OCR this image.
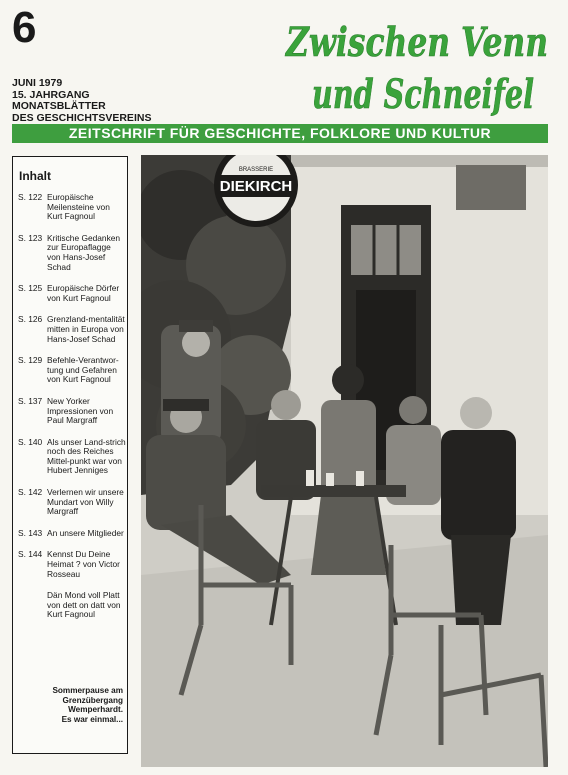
6
JUNI 1979
15. JAHRGANG
MONATSBLÄTTER
DES GESCHICHTSVEREINS
Zwischen Venn
und Schneifel
ZEITSCHRIFT FÜR GESCHICHTE, FOLKLORE UND KULTUR
Inhalt
S. 122 Europäische Meilensteine von Kurt Fagnoul
S. 123 Kritische Gedanken zur Europaflagge von Hans-Josef Schad
S. 125 Europäische Dörfer von Kurt Fagnoul
S. 126 Grenzland-mentalität mitten in Europa von Hans-Josef Schad
S. 129 Befehle-Verantwor-tung und Gefahren von Kurt Fagnoul
S. 137 New Yorker Impressionen von Paul Margraff
S. 140 Als unser Land-strich noch des Reiches Mittel-punkt war von Hubert Jenniges
S. 142 Verlernen wir unsere Mundart von Willy Margraff
S. 143 An unsere Mitglieder
S. 144 Kennst Du Deine Heimat ? von Victor Rosseau
Dän Mond voll Platt von dett on datt von Kurt Fagnoul
Sommerpause am
Grenzübergang
Wemperhardt.
Es war einmal...
DIEKIRCH
BRASSERIE
